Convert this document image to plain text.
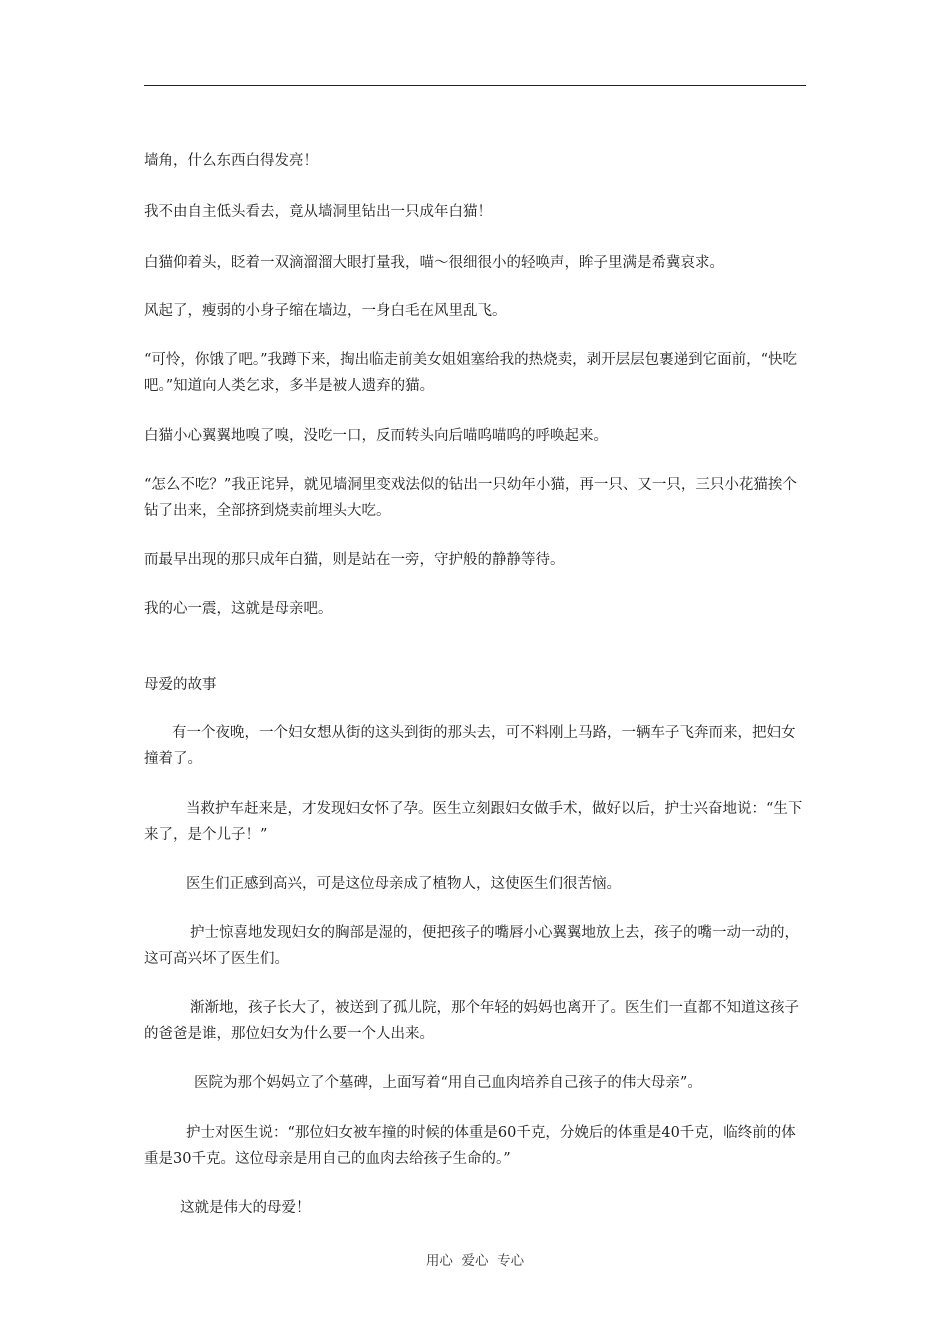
墙角，什么东西白得发亮！

我不由自主低头看去，竟从墙洞里钻出一只成年白猫！

白猫仰着头，眨着一双滴溜溜大眼打量我，喵～很细很小的轻唤声，眸子里满是希冀哀求。

风起了，瘦弱的小身子缩在墙边，一身白毛在风里乱飞。

“可怜，你饿了吧。”我蹲下来，掏出临走前美女姐姐塞给我的热烧卖，剥开层层包裹递到它面前，“快吃吧。”知道向人类乞求，多半是被人遗弃的猫。

白猫小心翼翼地嗅了嗅，没吃一口，反而转头向后喵呜喵呜的呼唤起来。

“怎么不吃？”我正诧异，就见墙洞里变戏法似的钻出一只幼年小猫，再一只、又一只，三只小花猫挨个钻了出来，全部挤到烧卖前埋头大吃。

而最早出现的那只成年白猫，则是站在一旁，守护般的静静等待。

我的心一震，这就是母亲吧。

母爱的故事

有一个夜晚，一个妇女想从街的这头到街的那头去，可不料刚上马路，一辆车子飞奔而来，把妇女撞着了。

当救护车赶来是，才发现妇女怀了孕。医生立刻跟妇女做手术，做好以后，护士兴奋地说：“生下来了，是个儿子！”

医生们正感到高兴，可是这位母亲成了植物人，这使医生们很苦恼。

护士惊喜地发现妇女的胸部是湿的，便把孩子的嘴唇小心翼翼地放上去，孩子的嘴一动一动的，这可高兴坏了医生们。

渐渐地，孩子长大了，被送到了孤儿院，那个年轻的妈妈也离开了。医生们一直都不知道这孩子的爸爸是谁，那位妇女为什么要一个人出来。

医院为那个妈妈立了个墓碑，上面写着“用自己血肉培养自己孩子的伟大母亲”。

护士对医生说：“那位妇女被车撞的时候的体重是60千克，分娩后的体重是40千克，临终前的体重是30千克。这位母亲是用自己的血肉去给孩子生命的。”

这就是伟大的母爱！

用心  爱心  专心
